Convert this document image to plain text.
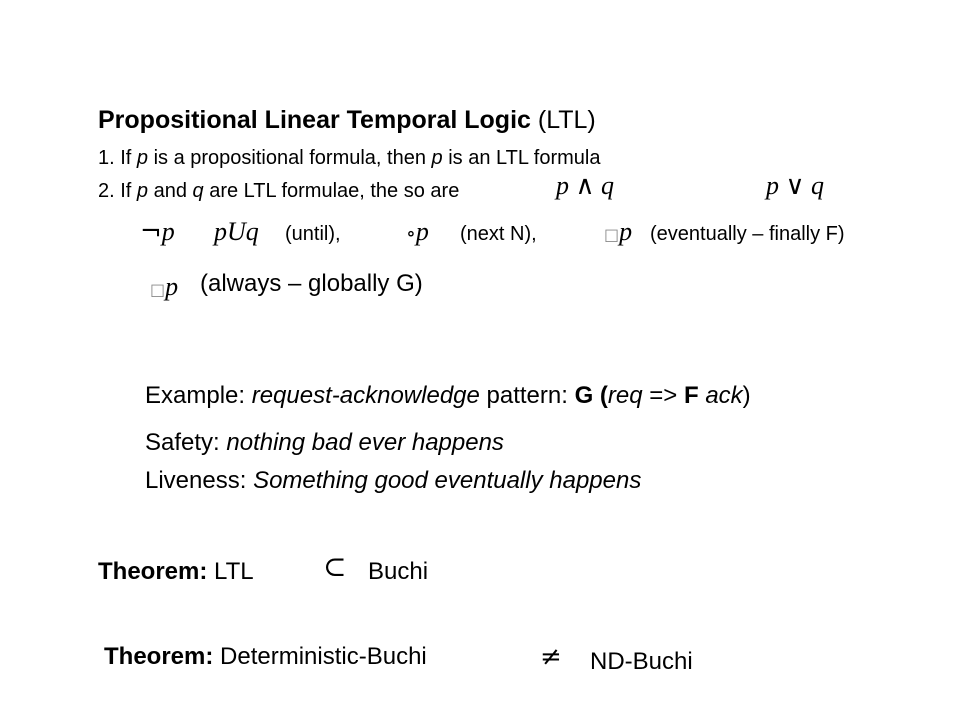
Propositional Linear Temporal Logic (LTL)
1. If p is a propositional formula, then p is an LTL formula
2. If p and q are LTL formulae, the so are	p ∧ q	p ∨ q
¬p pUq (until),	∘p (next N),	□p (eventually – finally F)
□p (always – globally G)
Example: request-acknowledge pattern: G (req => F ack)
Safety: nothing bad ever happens
Liveness: Something good eventually happens
Theorem: LTL ⊂ Buchi
Theorem: Deterministic-Buchi	≠ ND-Buchi
